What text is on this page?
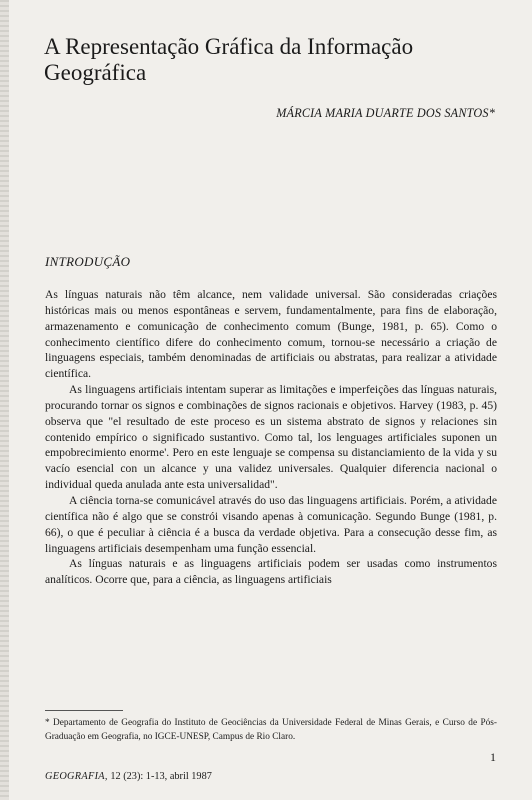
A Representação Gráfica da Informação Geográfica
MÁRCIA MARIA DUARTE DOS SANTOS*
INTRODUÇÃO

As línguas naturais não têm alcance, nem validade universal. São consideradas criações históricas mais ou menos espontâneas e servem, fundamentalmente, para fins de elaboração, armazenamento e comunicação de conhecimento comum (Bunge, 1981, p. 65). Como o conhecimento científico difere do conhecimento comum, tornou-se necessário a criação de linguagens especiais, também denominadas de artificiais ou abstratas, para realizar a atividade científica.

As linguagens artificiais intentam superar as limitações e imperfeições das línguas naturais, procurando tornar os signos e combinações de signos racionais e objetivos. Harvey (1983, p. 45) observa que "el resultado de este proceso es un sistema abstrato de signos y relaciones sin contenido empírico o significado sustantivo. Como tal, los lenguages artificiales suponen un empobrecimiento enorme'. Pero en este lenguaje se compensa su distanciamiento de la vida y su vacío esencial con un alcance y una validez universales. Qualquier diferencia nacional o individual queda anulada ante esta universalidad".

A ciência torna-se comunicável através do uso das linguagens artificiais. Porém, a atividade científica não é algo que se constrói visando apenas à comunicação. Segundo Bunge (1981, p. 66), o que é peculiar à ciência é a busca da verdade objetiva. Para a consecução desse fim, as linguagens artificiais desempenham uma função essencial.

As línguas naturais e as linguagens artificiais podem ser usadas como instrumentos analíticos. Ocorre que, para a ciência, as linguagens artificiais

* Departamento de Geografia do Instituto de Geociências da Universidade Federal de Minas Gerais, e Curso de Pós-Graduação em Geografia, no IGCE-UNESP, Campus de Rio Claro.
1
GEOGRAFIA, 12 (23): 1-13, abril 1987
